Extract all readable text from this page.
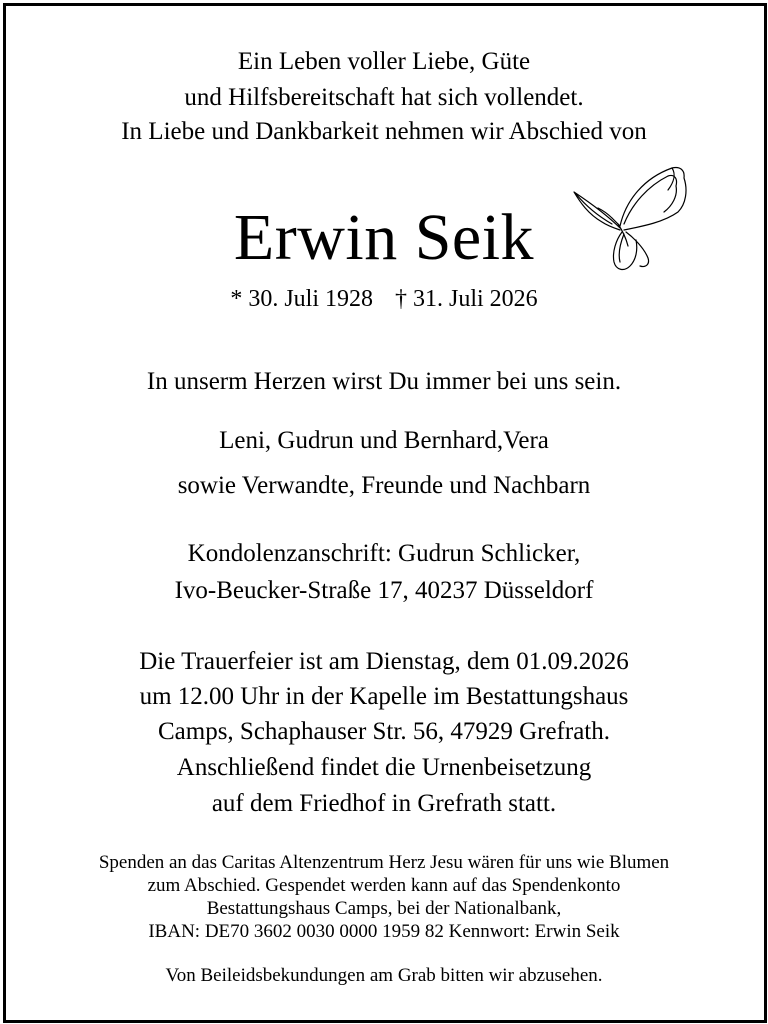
Ein Leben voller Liebe, Güte
und Hilfsbereitschaft hat sich vollendet.
In Liebe und Dankbarkeit nehmen wir Abschied von
Erwin Seik
* 30. Juli 1928 † 31. Juli 2026
In unserm Herzen wirst Du immer bei uns sein.
Leni, Gudrun und Bernhard,Vera
sowie Verwandte, Freunde und Nachbarn
Kondolenzanschrift: Gudrun Schlicker,
Ivo-Beucker-Straße 17, 40237 Düsseldorf
Die Trauerfeier ist am Dienstag, dem 01.09.2026
um 12.00 Uhr in der Kapelle im Bestattungshaus
Camps, Schaphauser Str. 56, 47929 Grefrath.
Anschließend findet die Urnenbeisetzung
auf dem Friedhof in Grefrath statt.
Spenden an das Caritas Altenzentrum Herz Jesu wären für uns wie Blumen
zum Abschied. Gespendet werden kann auf das Spendenkonto
Bestattungshaus Camps, bei der Nationalbank,
IBAN: DE70 3602 0030 0000 1959 82 Kennwort: Erwin Seik
Von Beileidsbekundungen am Grab bitten wir abzusehen.
